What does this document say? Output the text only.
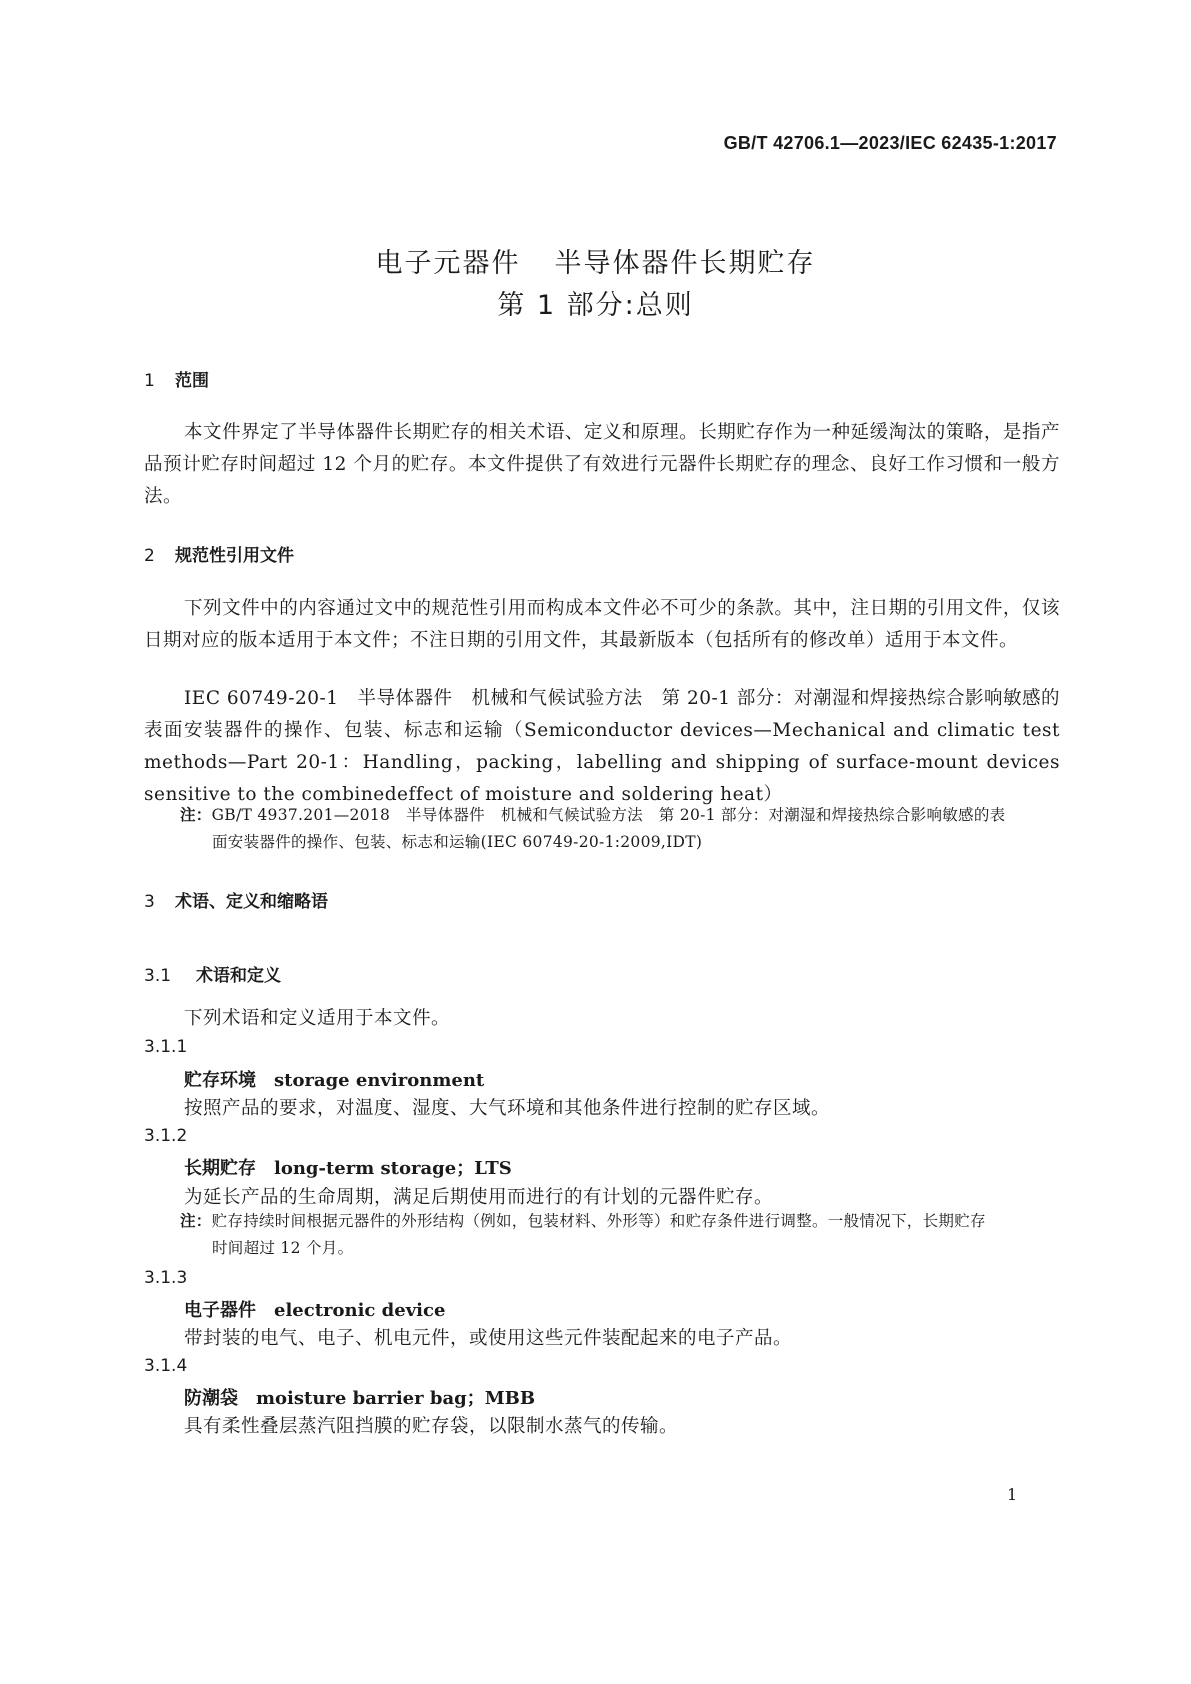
GB/T 42706.1—2023/IEC 62435-1:2017
电子元器件 半导体器件长期贮存
第 1 部分:总则
1 范围
本文件界定了半导体器件长期贮存的相关术语、定义和原理。长期贮存作为一种延缓淘汰的策略，是指产品预计贮存时间超过 12 个月的贮存。本文件提供了有效进行元器件长期贮存的理念、良好工作习惯和一般方法。
2 规范性引用文件
下列文件中的内容通过文中的规范性引用而构成本文件必不可少的条款。其中，注日期的引用文件，仅该日期对应的版本适用于本文件；不注日期的引用文件，其最新版本（包括所有的修改单）适用于本文件。
IEC 60749-20-1　半导体器件　机械和气候试验方法　第 20-1 部分：对潮湿和焊接热综合影响敏感的表面安装器件的操作、包装、标志和运输（Semiconductor devices—Mechanical and climatic test methods—Part 20-1：Handling，packing，labelling and shipping of surface-mount devices sensitive to the combinedeffect of moisture and soldering heat）
注：GB/T 4937.201—2018　半导体器件　机械和气候试验方法　第 20-1 部分：对潮湿和焊接热综合影响敏感的表
面安装器件的操作、包装、标志和运输(IEC 60749-20-1:2009,IDT)
3 术语、定义和缩略语
3.1 术语和定义
下列术语和定义适用于本文件。
3.1.1
贮存环境 storage environment
按照产品的要求，对温度、湿度、大气环境和其他条件进行控制的贮存区域。
3.1.2
长期贮存 long-term storage；LTS
为延长产品的生命周期，满足后期使用而进行的有计划的元器件贮存。
注：贮存持续时间根据元器件的外形结构（例如，包装材料、外形等）和贮存条件进行调整。一般情况下，长期贮存
时间超过 12 个月。
3.1.3
电子器件 electronic device
带封装的电气、电子、机电元件，或使用这些元件装配起来的电子产品。
3.1.4
防潮袋 moisture barrier bag；MBB
具有柔性叠层蒸汽阻挡膜的贮存袋，以限制水蒸气的传输。
1
